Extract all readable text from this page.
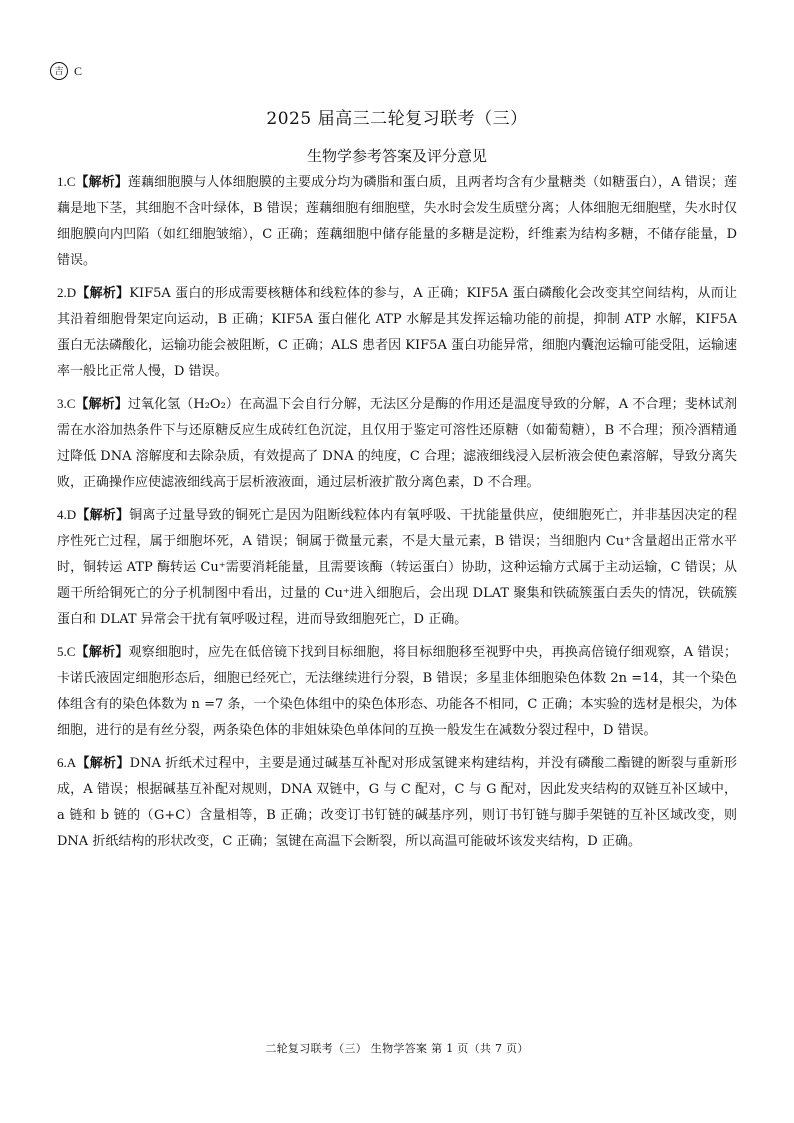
吉 C
2025 届高三二轮复习联考（三）
生物学参考答案及评分意见

1.C【解析】莲藕细胞膜与人体细胞膜的主要成分均为磷脂和蛋白质，且两者均含有少量糖类（如糖蛋白），A 错误；莲藕是地下茎，其细胞不含叶绿体，B 错误；莲藕细胞有细胞壁，失水时会发生质壁分离；人体细胞无细胞壁，失水时仅细胞膜向内凹陷（如红细胞皱缩），C 正确；莲藕细胞中储存能量的多糖是淀粉，纤维素为结构多糖，不储存能量，D 错误。

2.D【解析】KIF5A 蛋白的形成需要核糖体和线粒体的参与，A 正确；KIF5A 蛋白磷酸化会改变其空间结构，从而让其沿着细胞骨架定向运动，B 正确；KIF5A 蛋白催化 ATP 水解是其发挥运输功能的前提，抑制 ATP 水解，KIF5A 蛋白无法磷酸化，运输功能会被阻断，C 正确；ALS 患者因 KIF5A 蛋白功能异常，细胞内囊泡运输可能受阻，运输速率一般比正常人慢，D 错误。

3.C【解析】过氧化氢（H₂O₂）在高温下会自行分解，无法区分是酶的作用还是温度导致的分解，A 不合理；斐林试剂需在水浴加热条件下与还原糖反应生成砖红色沉淀，且仅用于鉴定可溶性还原糖（如葡萄糖），B 不合理；预冷酒精通过降低 DNA 溶解度和去除杂质，有效提高了 DNA 的纯度，C 合理；滤液细线浸入层析液会使色素溶解，导致分离失败，正确操作应使滤液细线高于层析液液面，通过层析液扩散分离色素，D 不合理。

4.D【解析】铜离子过量导致的铜死亡是因为阻断线粒体内有氧呼吸、干扰能量供应，使细胞死亡，并非基因决定的程序性死亡过程，属于细胞坏死，A 错误；铜属于微量元素，不是大量元素，B 错误；当细胞内 Cu⁺含量超出正常水平时，铜转运 ATP 酶转运 Cu⁺需要消耗能量，且需要该酶（转运蛋白）协助，这种运输方式属于主动运输，C 错误；从题干所给铜死亡的分子机制图中看出，过量的 Cu⁺进入细胞后，会出现 DLAT 聚集和铁硫簇蛋白丢失的情况，铁硫簇蛋白和 DLAT 异常会干扰有氧呼吸过程，进而导致细胞死亡，D 正确。

5.C【解析】观察细胞时，应先在低倍镜下找到目标细胞，将目标细胞移至视野中央，再换高倍镜仔细观察，A 错误；卡诺氏液固定细胞形态后，细胞已经死亡，无法继续进行分裂，B 错误；多星韭体细胞染色体数 2n =14，其一个染色体组含有的染色体数为 n =7 条，一个染色体组中的染色体形态、功能各不相同，C 正确；本实验的选材是根尖，为体细胞，进行的是有丝分裂，两条染色体的非姐妹染色单体间的互换一般发生在减数分裂过程中，D 错误。

6.A【解析】DNA 折纸术过程中，主要是通过碱基互补配对形成氢键来构建结构，并没有磷酸二酯键的断裂与重新形成，A 错误；根据碱基互补配对规则，DNA 双链中，G 与 C 配对，C 与 G 配对，因此发夹结构的双链互补区域中，a 链和 b 链的（G+C）含量相等，B 正确；改变订书钉链的碱基序列，则订书钉链与脚手架链的互补区域改变，则 DNA 折纸结构的形状改变，C 正确；氢键在高温下会断裂，所以高温可能破坏该发夹结构，D 正确。

二轮复习联考（三） 生物学答案 第 1 页（共 7 页）
